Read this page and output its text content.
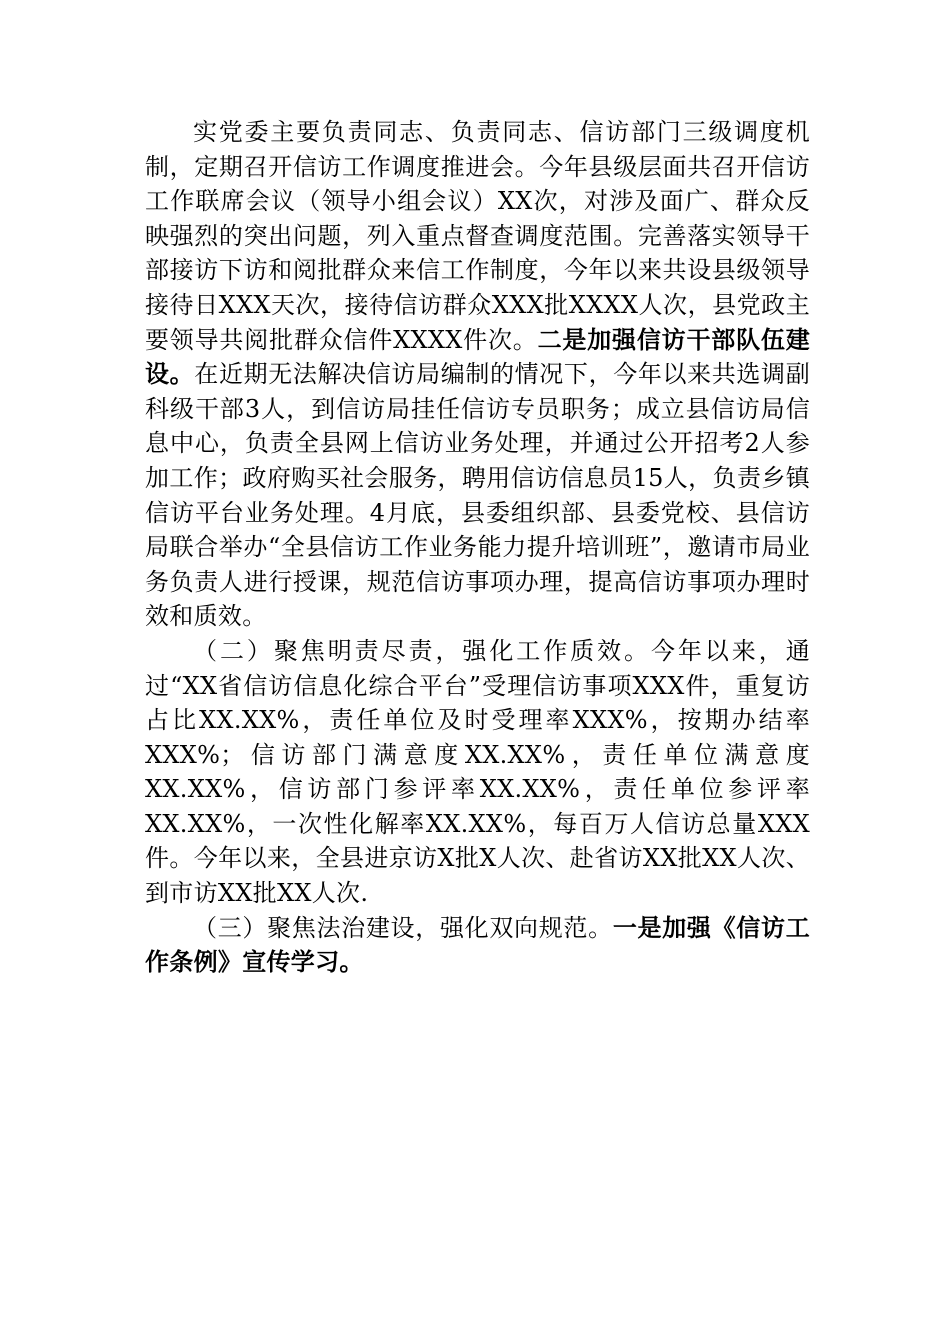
实党委主要负责同志、负责同志、信访部门三级调度机制，定期召开信访工作调度推进会。今年县级层面共召开信访工作联席会议（领导小组会议）XX次，对涉及面广、群众反映强烈的突出问题，列入重点督查调度范围。完善落实领导干部接访下访和阅批群众来信工作制度，今年以来共设县级领导接待日XXX天次，接待信访群众XXX批XXXX人次，县党政主要领导共阅批群众信件XXXX件次。二是加强信访干部队伍建设。在近期无法解决信访局编制的情况下，今年以来共选调副科级干部3人，到信访局挂任信访专员职务；成立县信访局信息中心，负责全县网上信访业务处理，并通过公开招考2人参加工作；政府购买社会服务，聘用信访信息员15人，负责乡镇信访平台业务处理。4月底，县委组织部、县委党校、县信访局联合举办“全县信访工作业务能力提升培训班”，邀请市局业务负责人进行授课，规范信访事项办理，提高信访事项办理时效和质效。

（二）聚焦明责尽责，强化工作质效。今年以来，通过“XX省信访信息化综合平台”受理信访事项XXX件，重复访占比XX.XX%，责任单位及时受理率XXX%，按期办结率XXX%；信访部门满意度XX.XX%，责任单位满意度XX.XX%，信访部门参评率XX.XX%，责任单位参评率XX.XX%，一次性化解率XX.XX%，每百万人信访总量XXX件。今年以来，全县进京访X批X人次、赴省访XX批XX人次、到市访XX批XX人次.

（三）聚焦法治建设，强化双向规范。一是加强《信访工作条例》宣传学习。
